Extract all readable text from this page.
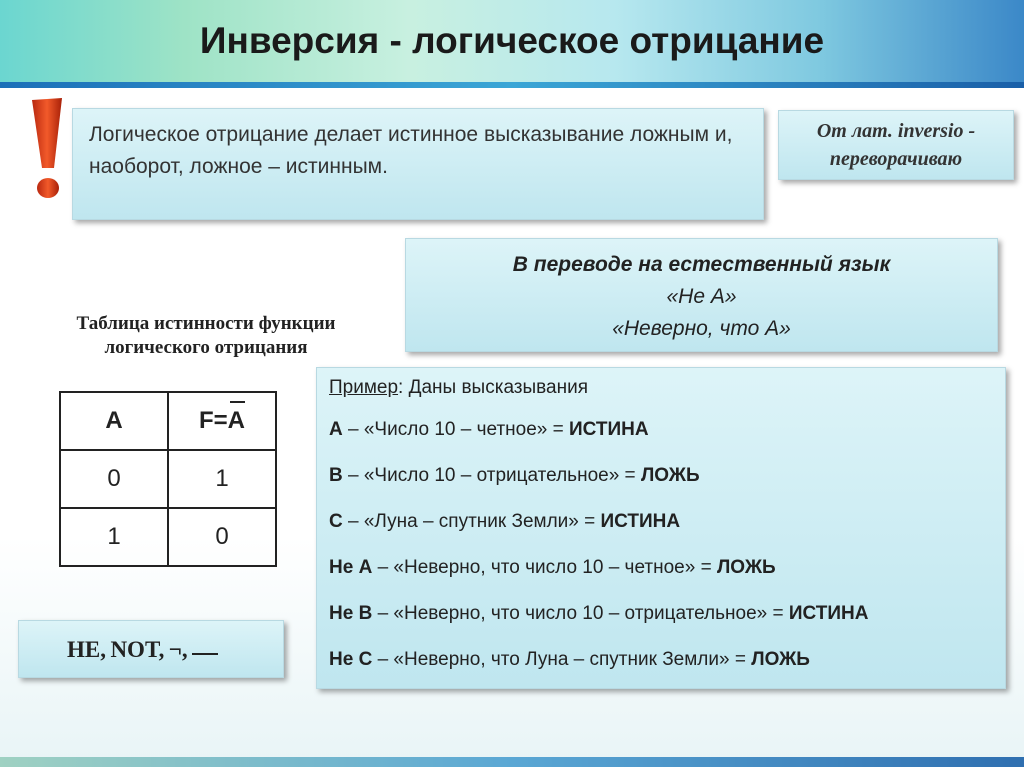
Инверсия - логическое отрицание
Логическое отрицание делает истинное высказывание ложным и, наоборот, ложное – истинным.
От лат. inversio -
переворачиваю
В переводе на естественный язык
«Не А»
«Неверно, что А»
Таблица истинности функции
логического отрицания
A	F=A
0	1
1	0
НЕ, NOT, ¬,
Пример: Даны высказывания
A – «Число 10 – четное» = ИСТИНА
B – «Число 10 – отрицательное» = ЛОЖЬ
C – «Луна – спутник Земли» = ИСТИНА
Не А – «Неверно, что число 10 – четное» = ЛОЖЬ
Не В – «Неверно, что число 10 – отрицательное» = ИСТИНА
Не С – «Неверно, что Луна – спутник Земли» = ЛОЖЬ
